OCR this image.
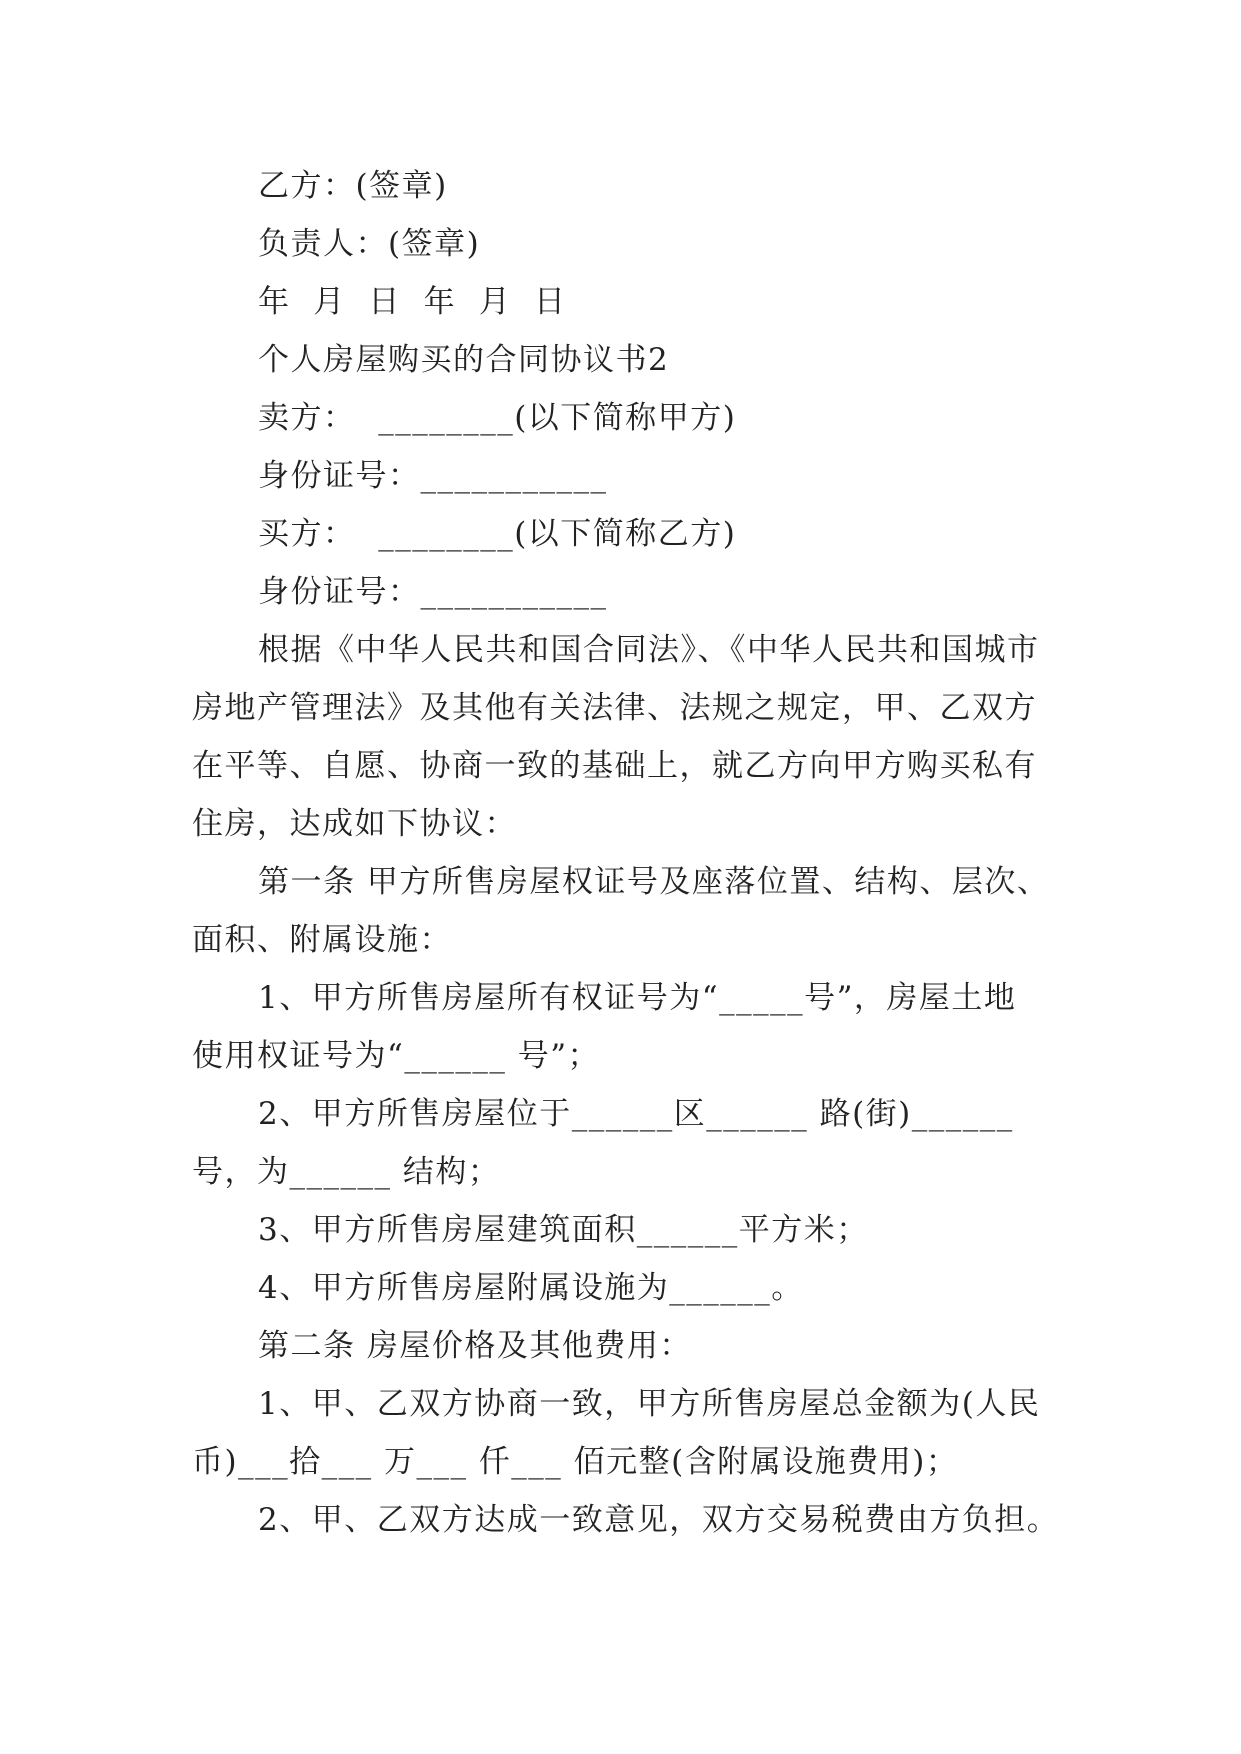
乙方：(签章)
负责人：(签章)
年  月  日  年  月  日
个人房屋购买的合同协议书2
卖方：  ________(以下简称甲方)
身份证号：___________
买方：  ________(以下简称乙方)
身份证号：___________
根据《中华人民共和国合同法》、《中华人民共和国城市
房地产管理法》及其他有关法律、法规之规定，甲、乙双方
在平等、自愿、协商一致的基础上，就乙方向甲方购买私有
住房，达成如下协议：
第一条 甲方所售房屋权证号及座落位置、结构、层次、
面积、附属设施：
1、甲方所售房屋所有权证号为“_____号”，房屋土地
使用权证号为“______ 号”；
2、甲方所售房屋位于______区______ 路(街)______
号，为______ 结构；
3、甲方所售房屋建筑面积______平方米；
4、甲方所售房屋附属设施为______。
第二条 房屋价格及其他费用：
1、甲、乙双方协商一致，甲方所售房屋总金额为(人民
币)___拾___ 万___ 仟___ 佰元整(含附属设施费用)；
2、甲、乙双方达成一致意见，双方交易税费由方负担。
